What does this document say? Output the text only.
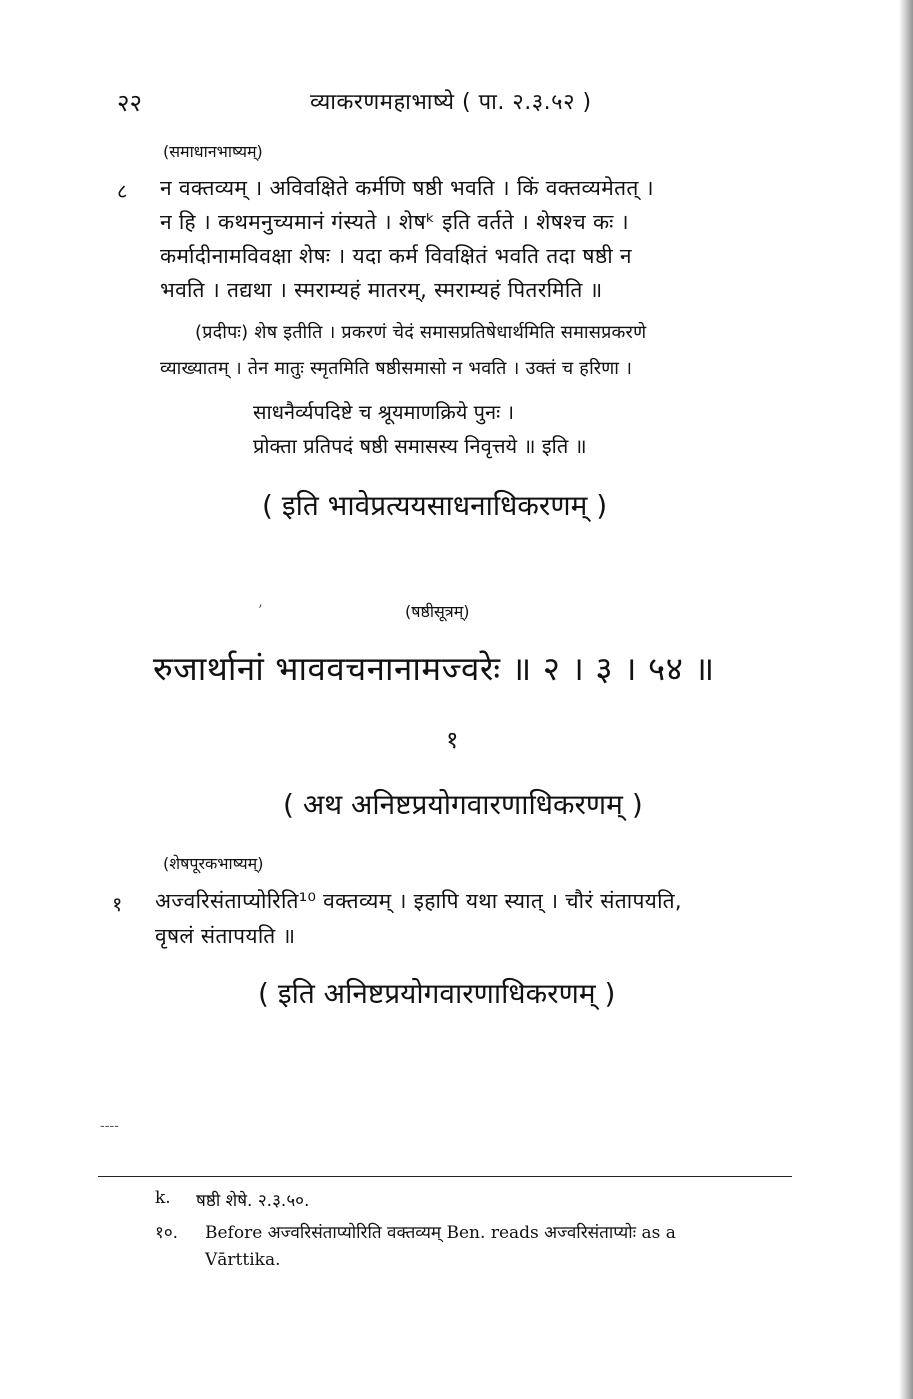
२२	व्याकरणमहाभाष्ये ( पा. २.३.५२ )
(समाधानभाष्यम्)
८ न वक्तव्यम् । अविवक्षिते कर्मणि षष्ठी भवति । किं वक्तव्यमेतत् ।
न हि । कथमनुच्यमानं गंस्यते । शेषᵏ इति वर्तते । शेषश्च कः ।
कर्मादीनामविवक्षा शेषः । यदा कर्म विवक्षितं भवति तदा षष्ठी न
भवति । तद्यथा । स्मराम्यहं मातरम्, स्मराम्यहं पितरमिति ॥
(प्रदीपः) शेष इतीति । प्रकरणं चेदं समासप्रतिषेधार्थमिति समासप्रकरणे
व्याख्यातम् । तेन मातुः स्मृतमिति षष्ठीसमासो न भवति । उक्तं च हरिणा ।
साधनैर्व्यपदिष्टे च श्रूयमाणक्रिये पुनः ।
प्रोक्ता प्रतिपदं षष्ठी समासस्य निवृत्तये ॥ इति ॥
( इति भावेप्रत्ययसाधनाधिकरणम् )
’	(षष्ठीसूत्रम्)
रुजार्थानां भाववचनानामज्वरेः ॥ २ । ३ । ५४ ॥
१
( अथ अनिष्टप्रयोगवारणाधिकरणम् )
(शेषपूरकभाष्यम्)
१ अज्वरिसंताप्योरिति¹⁰ वक्तव्यम् । इहापि यथा स्यात् । चौरं संतापयति,
वृषलं संतापयति ॥
( इति अनिष्टप्रयोगवारणाधिकरणम् )
----
k. षष्ठी शेषे. २.३.५०.
१०. Before अज्वरिसंताप्योरिति वक्तव्यम् Ben. reads अज्वरिसंताप्योः as a
Vārttika.
